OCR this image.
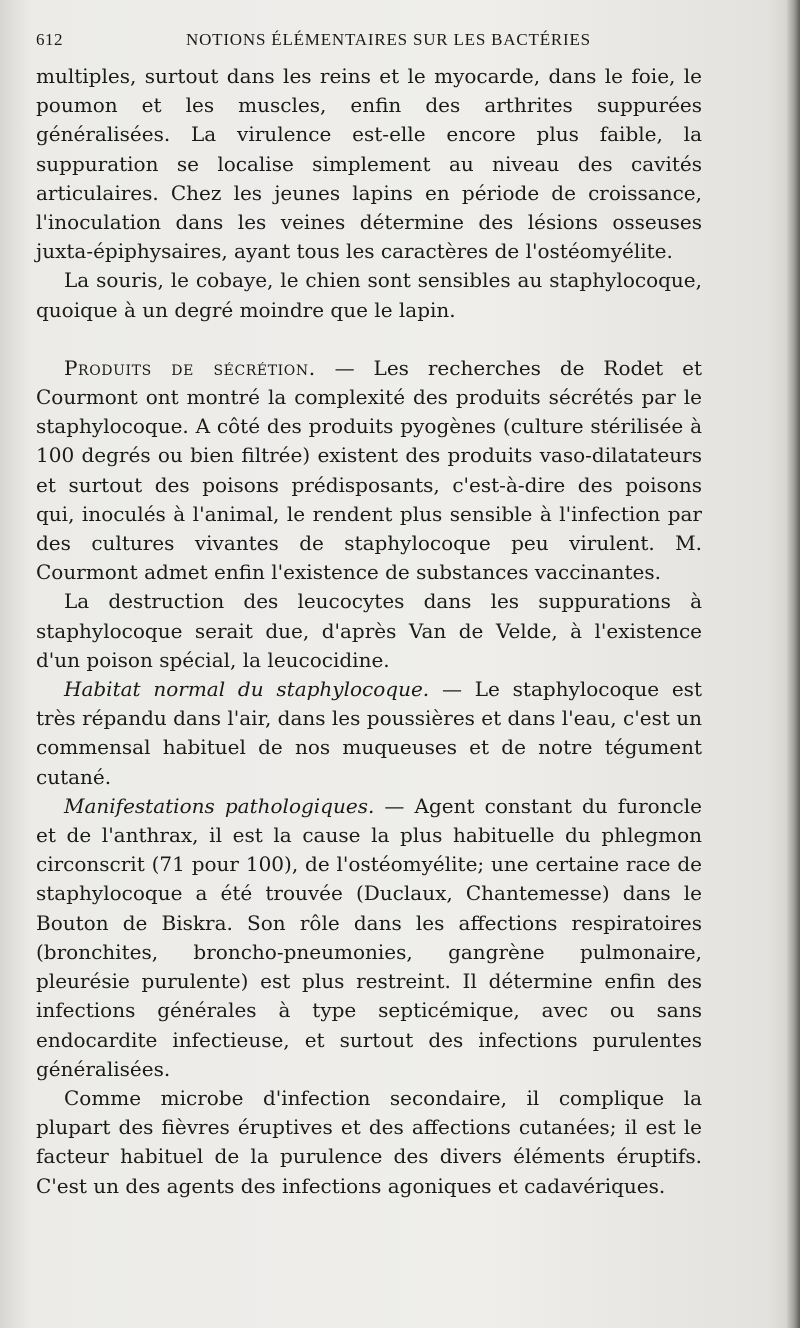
612	NOTIONS ÉLÉMENTAIRES SUR LES BACTÉRIES

multiples, surtout dans les reins et le myocarde, dans le foie, le poumon et les muscles, enfin des arthrites suppurées généralisées. La virulence est-elle encore plus faible, la suppuration se localise simplement au niveau des cavités articulaires. Chez les jeunes lapins en période de croissance, l'inoculation dans les veines détermine des lésions osseuses juxta-épiphysaires, ayant tous les caractères de l'ostéomyélite.

La souris, le cobaye, le chien sont sensibles au staphylocoque, quoique à un degré moindre que le lapin.

Produits de sécrétion. — Les recherches de Rodet et Courmont ont montré la complexité des produits sécrétés par le staphylocoque. A côté des produits pyogènes (culture stérilisée à 100 degrés ou bien filtrée) existent des produits vaso-dilatateurs et surtout des poisons prédisposants, c'est-à-dire des poisons qui, inoculés à l'animal, le rendent plus sensible à l'infection par des cultures vivantes de staphylocoque peu virulent. M. Courmont admet enfin l'existence de substances vaccinantes.

La destruction des leucocytes dans les suppurations à staphylocoque serait due, d'après Van de Velde, à l'existence d'un poison spécial, la leucocidine.

Habitat normal du staphylocoque. — Le staphylocoque est très répandu dans l'air, dans les poussières et dans l'eau, c'est un commensal habituel de nos muqueuses et de notre tégument cutané.

Manifestations pathologiques. — Agent constant du furoncle et de l'anthrax, il est la cause la plus habituelle du phlegmon circonscrit (71 pour 100), de l'ostéomyélite; une certaine race de staphylocoque a été trouvée (Duclaux, Chantemesse) dans le Bouton de Biskra. Son rôle dans les affections respiratoires (bronchites, broncho-pneumonies, gangrène pulmonaire, pleurésie purulente) est plus restreint. Il détermine enfin des infections générales à type septicémique, avec ou sans endocardite infectieuse, et surtout des infections purulentes généralisées.

Comme microbe d'infection secondaire, il complique la plupart des fièvres éruptives et des affections cutanées; il est le facteur habituel de la purulence des divers éléments éruptifs. C'est un des agents des infections agoniques et cadavériques.
